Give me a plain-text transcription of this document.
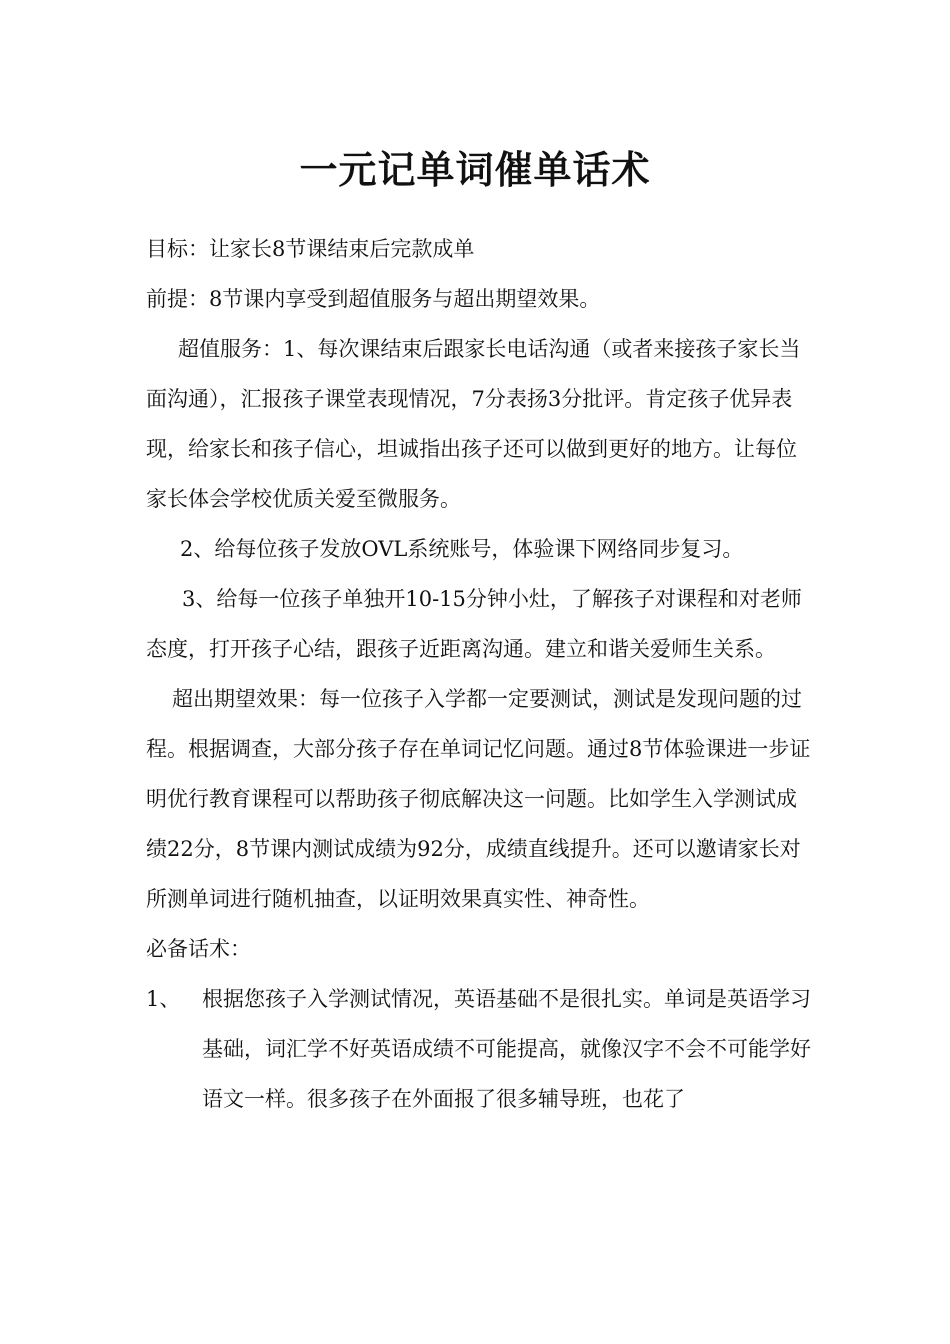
一元记单词催单话术

目标：让家长8节课结束后完款成单

前提：8节课内享受到超值服务与超出期望效果。

超值服务：1、每次课结束后跟家长电话沟通（或者来接孩子家长当面沟通），汇报孩子课堂表现情况，7分表扬3分批评。肯定孩子优异表现，给家长和孩子信心，坦诚指出孩子还可以做到更好的地方。让每位家长体会学校优质关爱至微服务。

2、给每位孩子发放OVL系统账号，体验课下网络同步复习。

3、给每一位孩子单独开10-15分钟小灶，了解孩子对课程和对老师态度，打开孩子心结，跟孩子近距离沟通。建立和谐关爱师生关系。

超出期望效果：每一位孩子入学都一定要测试，测试是发现问题的过程。根据调查，大部分孩子存在单词记忆问题。通过8节体验课进一步证明优行教育课程可以帮助孩子彻底解决这一问题。比如学生入学测试成绩22分，8节课内测试成绩为92分，成绩直线提升。还可以邀请家长对所测单词进行随机抽查，以证明效果真实性、神奇性。

必备话术：

1、 根据您孩子入学测试情况，英语基础不是很扎实。单词是英语学习基础，词汇学不好英语成绩不可能提高，就像汉字不会不可能学好语文一样。很多孩子在外面报了很多辅导班，也花了
